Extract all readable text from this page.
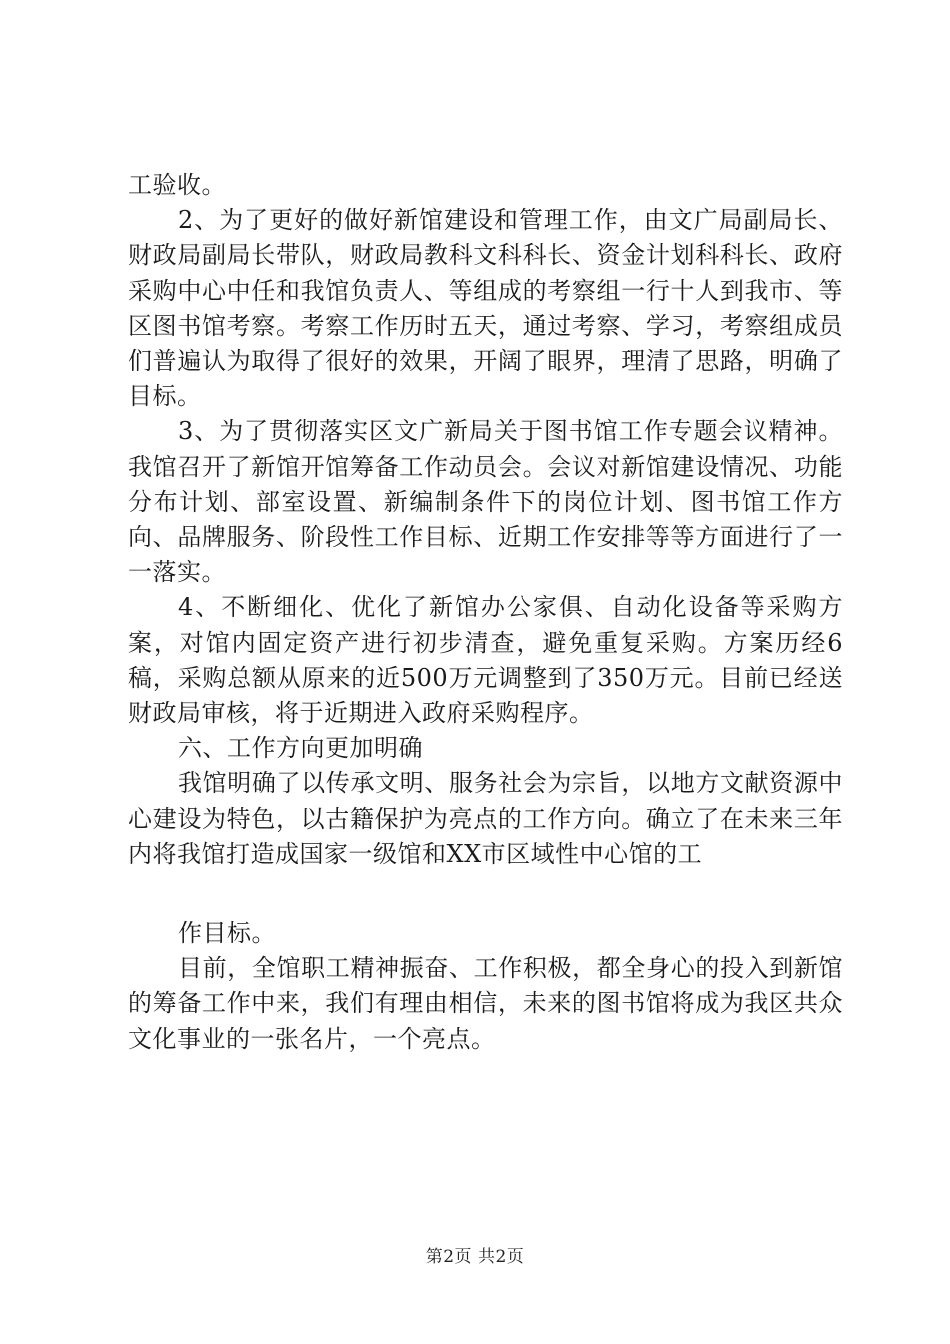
工验收。

2、为了更好的做好新馆建设和管理工作，由文广局副局长、财政局副局长带队，财政局教科文科科长、资金计划科科长、政府采购中心中任和我馆负责人、等组成的考察组一行十人到我市、等区图书馆考察。考察工作历时五天，通过考察、学习，考察组成员们普遍认为取得了很好的效果，开阔了眼界，理清了思路，明确了目标。

3、为了贯彻落实区文广新局关于图书馆工作专题会议精神。我馆召开了新馆开馆筹备工作动员会。会议对新馆建设情况、功能分布计划、部室设置、新编制条件下的岗位计划、图书馆工作方向、品牌服务、阶段性工作目标、近期工作安排等等方面进行了一一落实。

4、不断细化、优化了新馆办公家俱、自动化设备等采购方案，对馆内固定资产进行初步清查，避免重复采购。方案历经6稿，采购总额从原来的近500万元调整到了350万元。目前已经送财政局审核，将于近期进入政府采购程序。

六、工作方向更加明确

我馆明确了以传承文明、服务社会为宗旨，以地方文献资源中心建设为特色，以古籍保护为亮点的工作方向。确立了在未来三年内将我馆打造成国家一级馆和XX市区域性中心馆的工

作目标。

目前，全馆职工精神振奋、工作积极，都全身心的投入到新馆的筹备工作中来，我们有理由相信，未来的图书馆将成为我区共众文化事业的一张名片，一个亮点。

第2页 共2页
